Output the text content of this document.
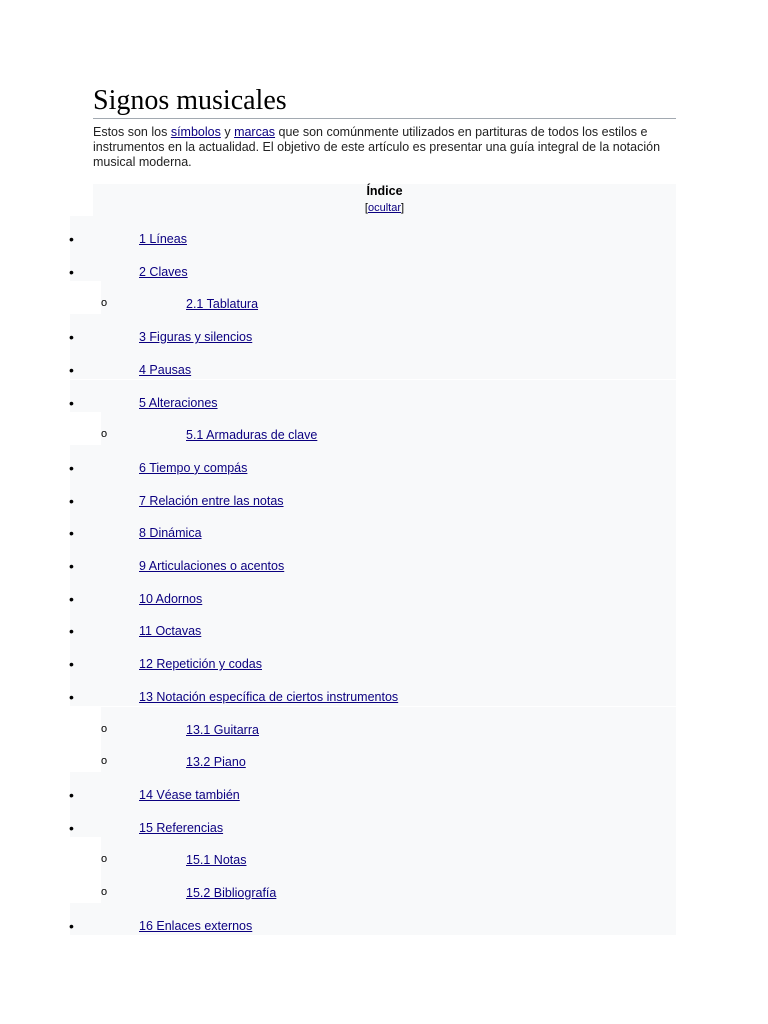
Signos musicales

Estos son los símbolos y marcas que son comúnmente utilizados en partituras de todos los estilos e instrumentos en la actualidad. El objetivo de este artículo es presentar una guía integral de la notación musical moderna.

Índice
[ocultar]
•	1 Líneas
•	2 Claves
o	2.1 Tablatura
•	3 Figuras y silencios
•	4 Pausas
•	5 Alteraciones
o	5.1 Armaduras de clave
•	6 Tiempo y compás
•	7 Relación entre las notas
•	8 Dinámica
•	9 Articulaciones o acentos
•	10 Adornos
•	11 Octavas
•	12 Repetición y codas
•	13 Notación específica de ciertos instrumentos
o	13.1 Guitarra
o	13.2 Piano
•	14 Véase también
•	15 Referencias
o	15.1 Notas
o	15.2 Bibliografía
•	16 Enlaces externos
